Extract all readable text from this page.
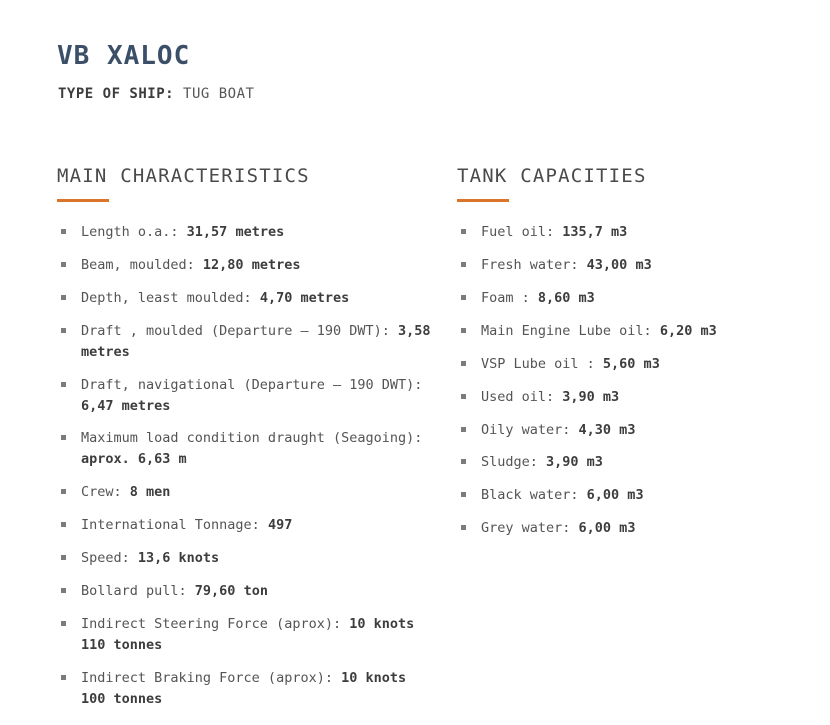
VB XALOC
TYPE OF SHIP: TUG BOAT
MAIN CHARACTERISTICS
Length o.a.: 31,57 metres
Beam, moulded: 12,80 metres
Depth, least moulded: 4,70 metres
Draft , moulded (Departure – 190 DWT): 3,58 metres
Draft, navigational (Departure – 190 DWT): 6,47 metres
Maximum load condition draught (Seagoing): aprox. 6,63 m
Crew: 8 men
International Tonnage: 497
Speed: 13,6 knots
Bollard pull: 79,60 ton
Indirect Steering Force (aprox): 10 knots 110 tonnes
Indirect Braking Force (aprox): 10 knots 100 tonnes
TANK CAPACITIES
Fuel oil: 135,7 m3
Fresh water: 43,00 m3
Foam : 8,60 m3
Main Engine Lube oil: 6,20 m3
VSP Lube oil : 5,60 m3
Used oil: 3,90 m3
Oily water: 4,30 m3
Sludge: 3,90 m3
Black water: 6,00 m3
Grey water: 6,00 m3
